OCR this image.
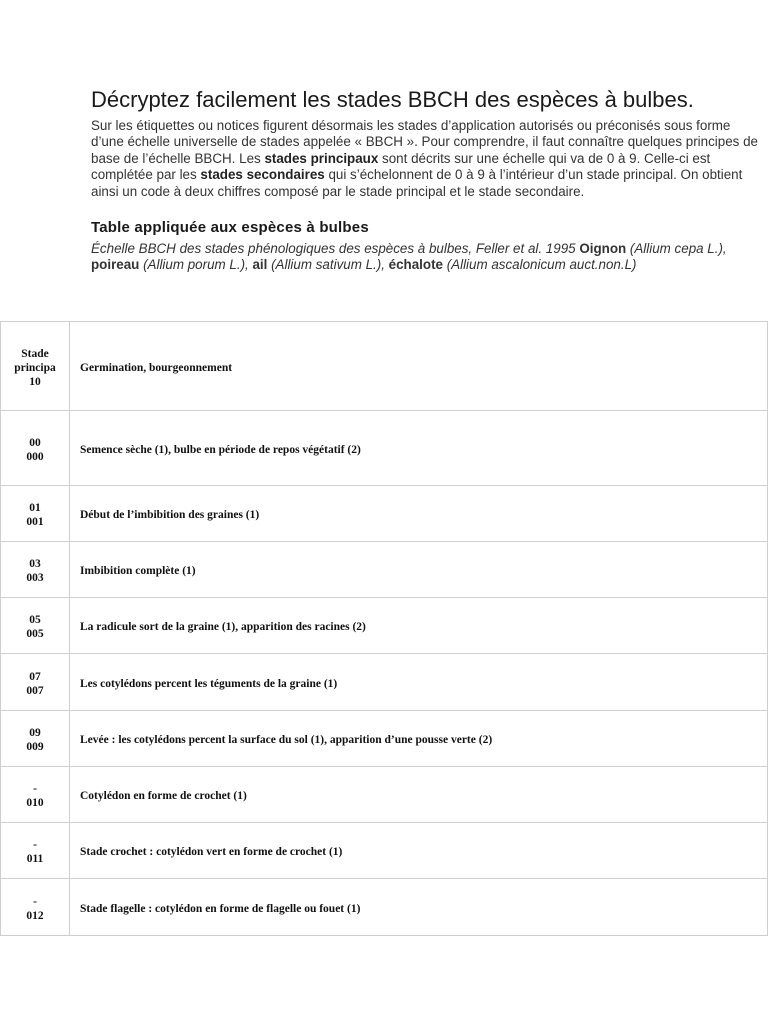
Décryptez facilement les stades BBCH des espèces à bulbes.

Sur les étiquettes ou notices figurent désormais les stades d’application autorisés ou préconisés sous forme d’une échelle universelle de stades appelée « BBCH ». Pour comprendre, il faut connaître quelques principes de base de l’échelle BBCH. Les stades principaux sont décrits sur une échelle qui va de 0 à 9. Celle-ci est complétée par les stades secondaires qui s’échelonnent de 0 à 9 à l’intérieur d’un stade principal. On obtient ainsi un code à deux chiffres composé par le stade principal et le stade secondaire.

Table appliquée aux espèces à bulbes

Échelle BBCH des stades phénologiques des espèces à bulbes, Feller et al. 1995 Oignon (Allium cepa L.), poireau (Allium porum L.), ail (Allium sativum L.), échalote (Allium ascalonicum auct.non.L)

Stade
principa
10	Germination, bourgeonnement

00
000	Semence sèche (1), bulbe en période de repos végétatif (2)

01
001	Début de l’imbibition des graines (1)

03
003	Imbibition complète (1)

05
005	La radicule sort de la graine (1), apparition des racines (2)

07
007	Les cotylédons percent les téguments de la graine (1)

09
009	Levée : les cotylédons percent la surface du sol (1), apparition d’une pousse verte (2)

-
010	Cotylédon en forme de crochet (1)

-
011	Stade crochet : cotylédon vert en forme de crochet (1)

-
012	Stade flagelle : cotylédon en forme de flagelle ou fouet (1)
